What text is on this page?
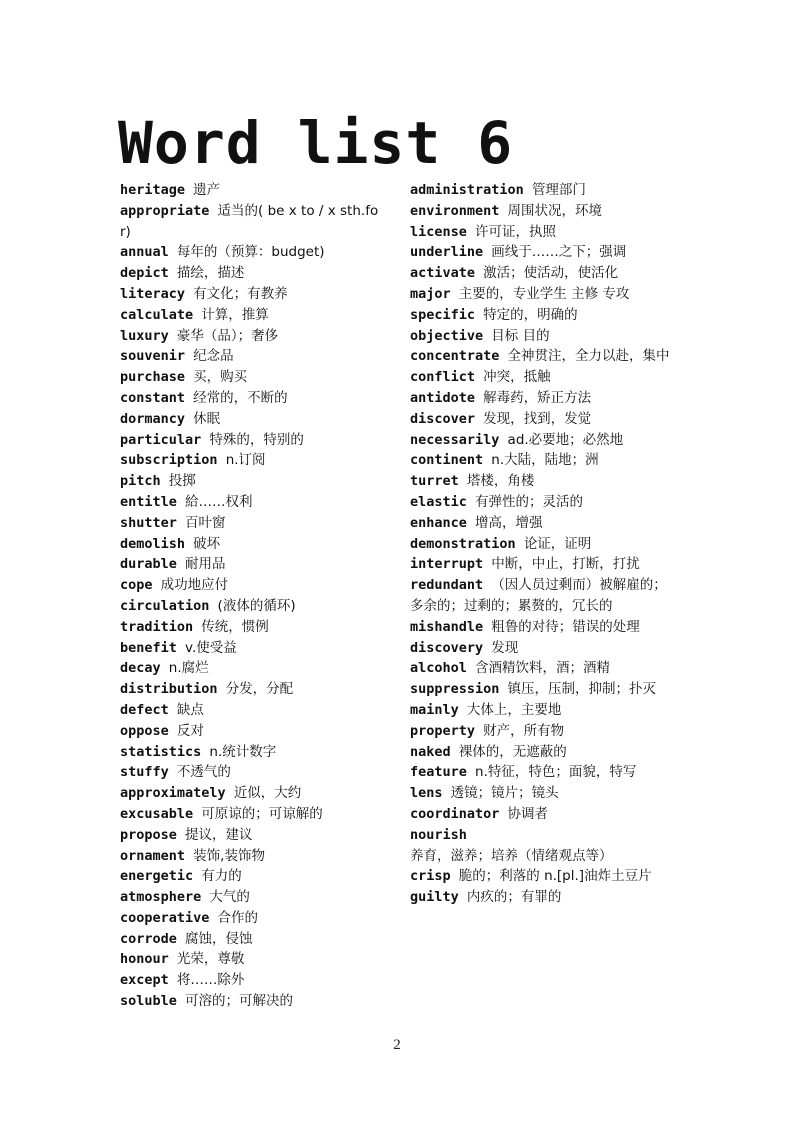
Word list 6

heritage 遗产

appropriate 适当的( be x to / x sth.for)

annual 每年的（预算：budget)

depict 描绘，描述

literacy 有文化；有教养

calculate 计算，推算

luxury 豪华（品）；奢侈

souvenir 纪念品

purchase 买，购买

constant 经常的，不断的

dormancy 休眠

particular 特殊的，特别的

subscription n.订阅

pitch 投掷

entitle 給……权利

shutter 百叶窗

demolish 破坏

durable 耐用品

cope 成功地应付

circulation (液体的循环)

tradition 传统，惯例

benefit v.使受益

decay n.腐烂

distribution 分发，分配

defect 缺点

oppose 反对

statistics n.统计数字

stuffy 不透气的

approximately 近似，大约

excusable 可原谅的；可谅解的

propose 提议，建议

ornament 装饰,装饰物

energetic 有力的

atmosphere 大气的

cooperative 合作的

corrode 腐蚀，侵蚀

honour 光荣，尊敬

except 将……除外

soluble 可溶的；可解决的

administration 管理部门

environment 周围状况，环境

license 许可证，执照

underline 画线于……之下；强调

activate 激活；使活动，使活化

major 主要的，专业学生 主修 专攻

specific 特定的，明确的

objective 目标 目的

concentrate 全神贯注，全力以赴，集中

conflict 冲突，抵触

antidote 解毒药，矫正方法

discover 发现，找到，发觉

necessarily ad.必要地；必然地

continent n.大陆，陆地；洲

turret 塔楼，角楼

elastic 有弹性的；灵活的

enhance 增高，增强

demonstration 论证，证明

interrupt 中断，中止，打断，打扰

redundant （因人员过剩而）被解雇的；多余的；过剩的；累赘的，冗长的

mishandle 粗鲁的对待；错误的处理

discovery 发现

alcohol 含酒精饮料，酒；酒精

suppression 镇压，压制，抑制；扑灭

mainly 大体上，主要地

property 财产，所有物

naked 裸体的，无遮蔽的

feature n.特征，特色；面貌，特写

lens 透镜；镜片；镜头

coordinator 协调者

nourish 养育，滋养；培养（情绪观点等）

crisp 脆的；利落的 n.[pl.]油炸土豆片

guilty 内疚的；有罪的

2
